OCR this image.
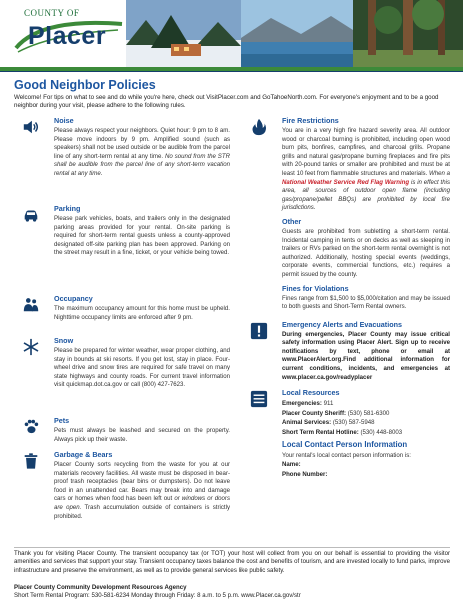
COUNTY OF
Placer
Good Neighbor Policies
Welcome! For tips on what to see and do while you're here, check out VisitPlacer.com and GoTahoeNorth.com. For everyone's enjoyment and to be a good neighbor during your visit, please adhere to the following rules.
Noise

Please always respect your neighbors. Quiet hour: 9 pm to 8 am. Please move indoors by 9 pm. Amplified sound (such as speakers) shall not be used outside or be audible from the parcel line of any short-term rental at any time. No sound from the STR shall be audible from the parcel line of any short-term vacation rental at any time.

Parking

Please park vehicles, boats, and trailers only in the designated parking areas provided for your rental. On-site parking is required for short-term rental guests unless a county-approved designated off-site parking plan has been approved. Parking on the street may result in a fine, ticket, or your vehicle being towed.

Occupancy

The maximum occupancy amount for this home must be upheld. Nighttime occupancy limits are enforced after 9 pm.

Snow

Please be prepared for winter weather, wear proper clothing, and stay in bounds at ski resorts. If you get lost, stay in place. Four-wheel drive and snow tires are required for safe travel on many state highways and county roads. For current travel information visit quickmap.dot.ca.gov or call (800) 427-7623.

Pets

Pets must always be leashed and secured on the property. Always pick up their waste.

Garbage & Bears

Placer County sorts recycling from the waste for you at our materials recovery facilities. All waste must be disposed in bear-proof trash receptacles (bear bins or dumpsters). Do not leave food in an unattended car. Bears may break into and damage cars or homes when food has been left out or windows or doors are open. Trash accumulation outside of containers is strictly prohibited.

Fire Restrictions

You are in a very high fire hazard severity area. All outdoor wood or charcoal burning is prohibited, including open wood burn pits, bonfires, campfires, and charcoal grills. Propane grills and natural gas/propane burning fireplaces and fire pits with 20-pound tanks or smaller are prohibited and must be at least 10 feet from flammable structures and materials. When a National Weather Service Red Flag Warning is in effect this area, all sources of outdoor open flame (including gas/propane/pellet BBQs) are prohibited by local fire jurisdictions.

Other

Guests are prohibited from subletting a short-term rental. Incidental camping in tents or on decks as well as sleeping in trailers or RVs parked on the short-term rental overnight is not authorized. Additionally, hosting special events (weddings, corporate events, commercial functions, etc.) requires a permit issued by the county.

Fines for Violations

Fines range from $1,500 to $5,000/citation and may be issued to both guests and Short-Term Rental owners.

Emergency Alerts and Evacuations

During emergencies, Placer County may issue critical safety information using Placer Alert. Sign up to receive notifications by text, phone or email at www.PlacerAlert.org.Find additional information for current conditions, incidents, and emergencies at www.placer.ca.gov/readyplacer

Local Resources
Emergencies: 911
Placer County Sheriff: (530) 581-6300
Animal Services: (530) 587-5948
Short Term Rental Hotline: (530) 448-8003
Local Contact Person Information
Your rental's local contact person information is:
Name:
Phone Number:
Thank you for visiting Placer County. The transient occupancy tax (or TOT) your host will collect from you on our behalf is essential to providing the visitor amenities and services that support your stay. Transient occupancy taxes balance the cost and benefits of tourism, and are invested locally to fund parks, improve infrastructure and preserve the environment, as well as to provide general services like public safety.
Placer County Community Development Resources Agency
Short Term Rental Program: 530-581-6234 Monday through Friday: 8 a.m. to 5 p.m. www.Placer.ca.gov/str
